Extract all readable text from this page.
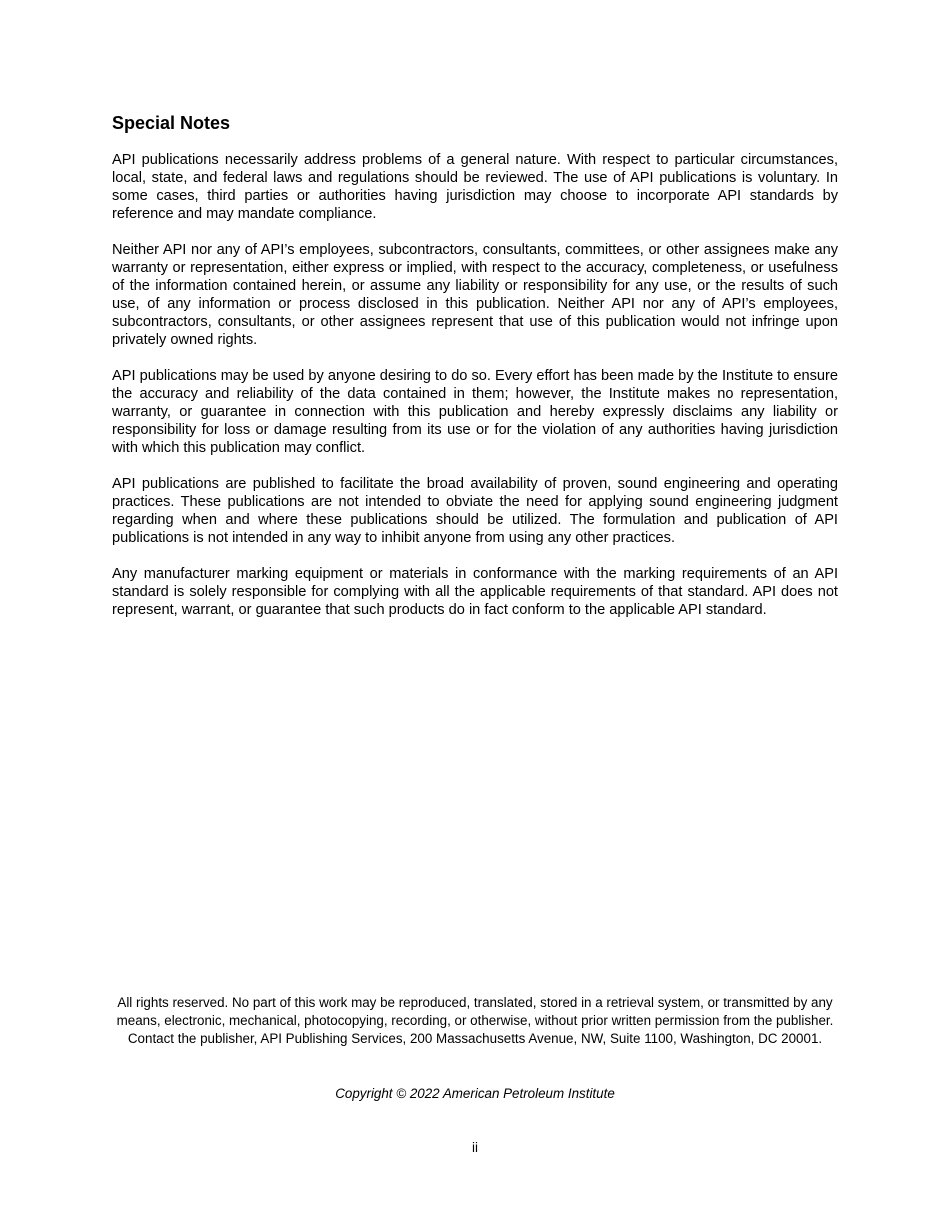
Special Notes

API publications necessarily address problems of a general nature. With respect to particular circumstances, local, state, and federal laws and regulations should be reviewed. The use of API publications is voluntary. In some cases, third parties or authorities having jurisdiction may choose to incorporate API standards by reference and may mandate compliance.

Neither API nor any of API’s employees, subcontractors, consultants, committees, or other assignees make any warranty or representation, either express or implied, with respect to the accuracy, completeness, or usefulness of the information contained herein, or assume any liability or responsibility for any use, or the results of such use, of any information or process disclosed in this publication. Neither API nor any of API’s employees, subcontractors, consultants, or other assignees represent that use of this publication would not infringe upon privately owned rights.

API publications may be used by anyone desiring to do so. Every effort has been made by the Institute to ensure the accuracy and reliability of the data contained in them; however, the Institute makes no representation, warranty, or guarantee in connection with this publication and hereby expressly disclaims any liability or responsibility for loss or damage resulting from its use or for the violation of any authorities having jurisdiction with which this publication may conflict.

API publications are published to facilitate the broad availability of proven, sound engineering and operating practices. These publications are not intended to obviate the need for applying sound engineering judgment regarding when and where these publications should be utilized. The formulation and publication of API publications is not intended in any way to inhibit anyone from using any other practices.

Any manufacturer marking equipment or materials in conformance with the marking requirements of an API standard is solely responsible for complying with all the applicable requirements of that standard. API does not represent, warrant, or guarantee that such products do in fact conform to the applicable API standard.

All rights reserved. No part of this work may be reproduced, translated, stored in a retrieval system, or transmitted by any means, electronic, mechanical, photocopying, recording, or otherwise, without prior written permission from the publisher. Contact the publisher, API Publishing Services, 200 Massachusetts Avenue, NW, Suite 1100, Washington, DC 20001.

Copyright © 2022 American Petroleum Institute

ii
